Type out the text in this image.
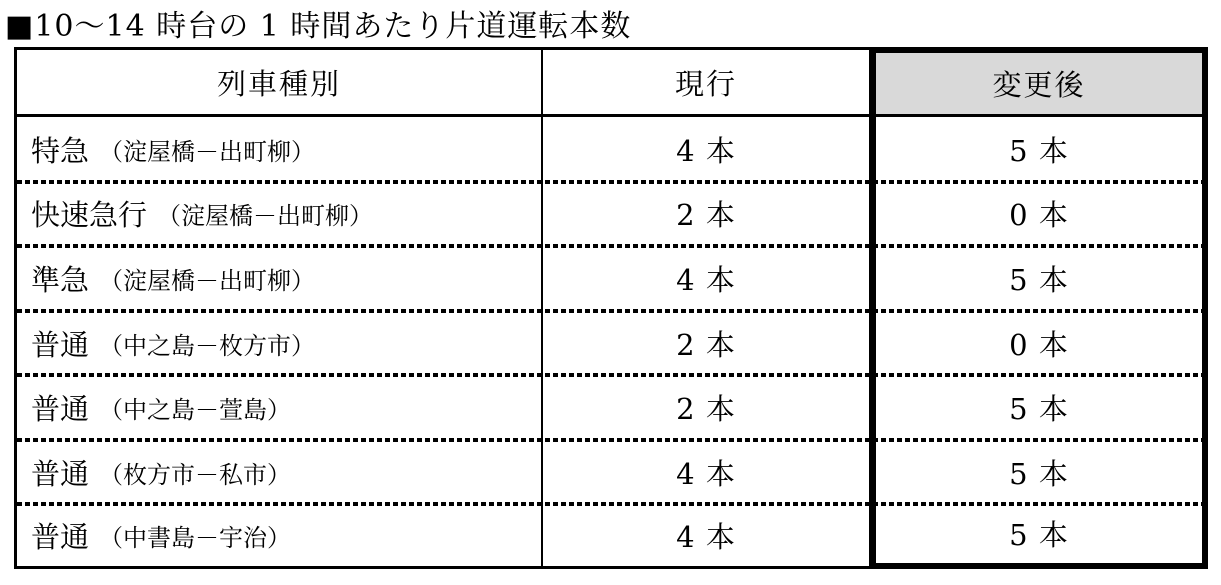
■10～14 時台の 1 時間あたり片道運転本数
列車種別	現行	変更後
特急 （淀屋橋－出町柳）	4 本	5 本
快速急行 （淀屋橋－出町柳）	2 本	0 本
準急 （淀屋橋－出町柳）	4 本	5 本
普通 （中之島－枚方市）	2 本	0 本
普通 （中之島－萱島）	2 本	5 本
普通 （枚方市－私市）	4 本	5 本
普通 （中書島－宇治）	4 本	5 本
